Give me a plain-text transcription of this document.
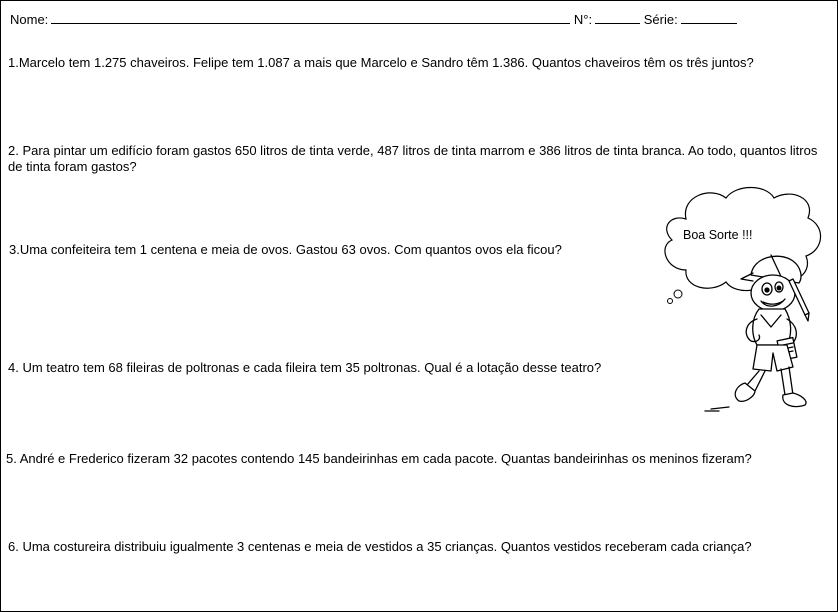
Nome:	N°:	Série:
1.Marcelo tem 1.275 chaveiros. Felipe tem 1.087 a mais que Marcelo e Sandro têm 1.386. Quantos chaveiros têm os três juntos?
2. Para pintar um edifício foram gastos 650 litros de tinta verde, 487 litros de tinta marrom e 386 litros de tinta branca. Ao todo, quantos litros de tinta foram gastos?
3.Uma confeiteira tem 1 centena e meia de ovos. Gastou 63 ovos. Com quantos ovos ela ficou?
4. Um teatro tem 68 fileiras de poltronas e cada fileira tem 35 poltronas. Qual é a lotação desse teatro?
5. André e Frederico fizeram 32 pacotes contendo 145 bandeirinhas em cada pacote. Quantas bandeirinhas os meninos fizeram?
6. Uma costureira distribuiu igualmente 3 centenas e meia de vestidos a 35 crianças. Quantos vestidos receberam cada criança?
Boa Sorte !!!
